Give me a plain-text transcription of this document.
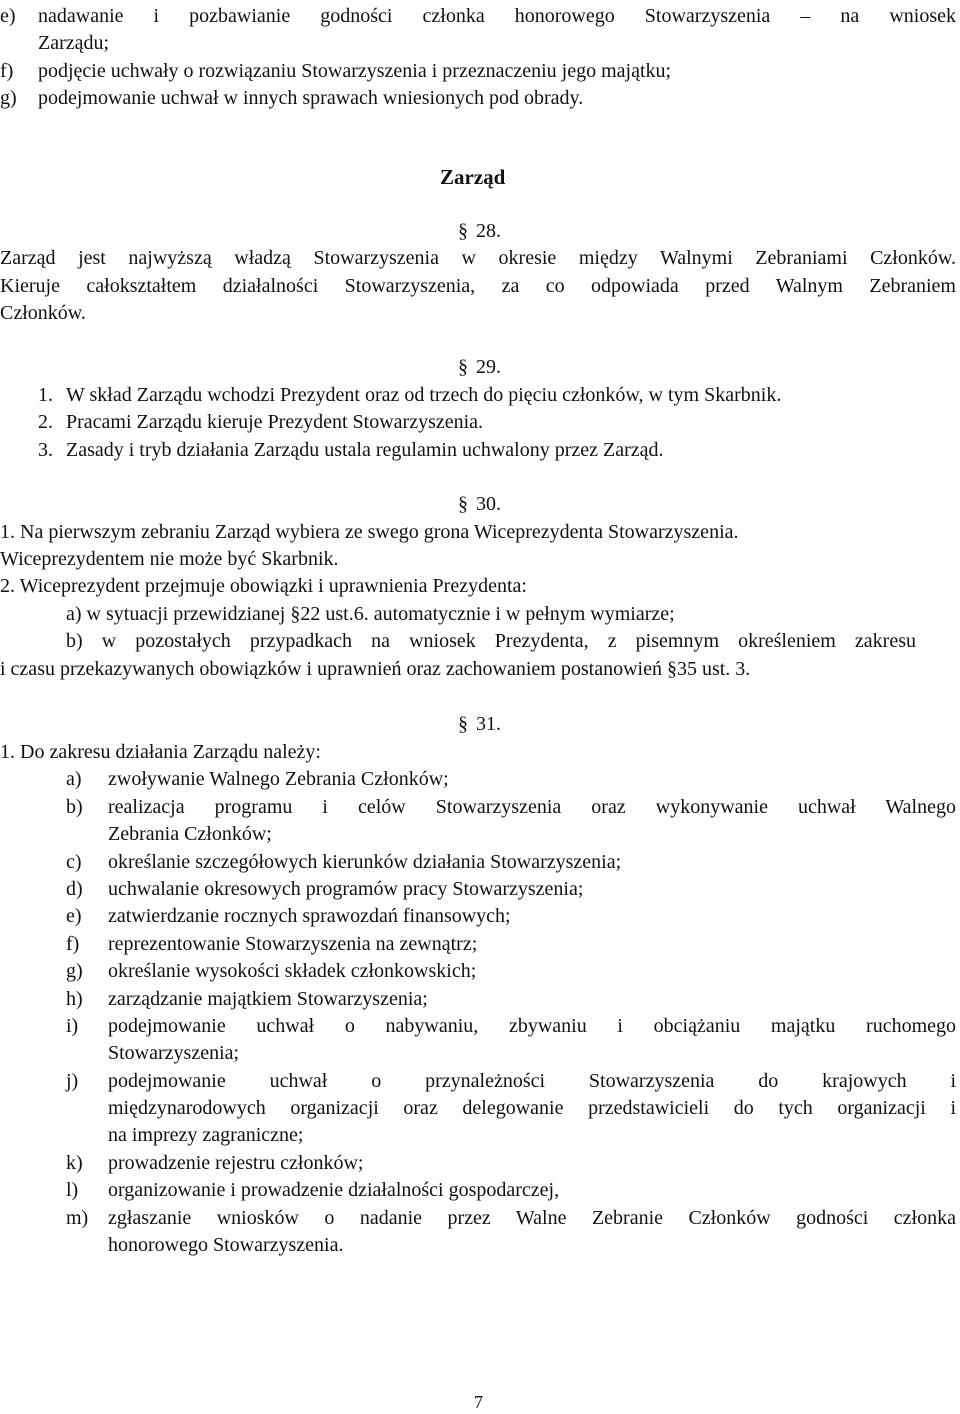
e) nadawanie i pozbawianie godności członka honorowego Stowarzyszenia – na wniosek
Zarządu;
f) podjęcie uchwały o rozwiązaniu Stowarzyszenia i przeznaczeniu jego majątku;
g) podejmowanie uchwał w innych sprawach wniesionych pod obrady.
Zarząd
§ 28.
Zarząd jest najwyższą władzą Stowarzyszenia w okresie między Walnymi Zebraniami Członków.
Kieruje całokształtem działalności Stowarzyszenia, za co odpowiada przed Walnym Zebraniem
Członków.
§ 29.
1. W skład Zarządu wchodzi Prezydent oraz od trzech do pięciu członków, w tym Skarbnik.
2. Pracami Zarządu kieruje Prezydent Stowarzyszenia.
3. Zasady i tryb działania Zarządu ustala regulamin uchwalony przez Zarząd.
§ 30.
1. Na pierwszym zebraniu Zarząd wybiera ze swego grona Wiceprezydenta Stowarzyszenia.
Wiceprezydentem nie może być Skarbnik.
2. Wiceprezydent przejmuje obowiązki i uprawnienia Prezydenta:
a) w sytuacji przewidzianej § 22 ust.6. automatycznie i w pełnym wymiarze;
b) w pozostałych przypadkach na wniosek Prezydenta, z pisemnym określeniem zakresu
i czasu przekazywanych obowiązków i uprawnień oraz zachowaniem postanowień § 35 ust. 3.
§ 31.
1. Do zakresu działania Zarządu należy:
a) zwoływanie Walnego Zebrania Członków;
b) realizacja programu i celów Stowarzyszenia oraz wykonywanie uchwał Walnego
Zebrania Członków;
c) określanie szczegółowych kierunków działania Stowarzyszenia;
d) uchwalanie okresowych programów pracy Stowarzyszenia;
e) zatwierdzanie rocznych sprawozdań finansowych;
f) reprezentowanie Stowarzyszenia na zewnątrz;
g) określanie wysokości składek członkowskich;
h) zarządzanie majątkiem Stowarzyszenia;
i) podejmowanie uchwał o nabywaniu, zbywaniu i obciążaniu majątku ruchomego
Stowarzyszenia;
j) podejmowanie uchwał o przynależności Stowarzyszenia do krajowych i
międzynarodowych organizacji oraz delegowanie przedstawicieli do tych organizacji i
na imprezy zagraniczne;
k) prowadzenie rejestru członków;
l) organizowanie i prowadzenie działalności gospodarczej,
m) zgłaszanie wniosków o nadanie przez Walne Zebranie Członków godności członka
honorowego Stowarzyszenia.
7
